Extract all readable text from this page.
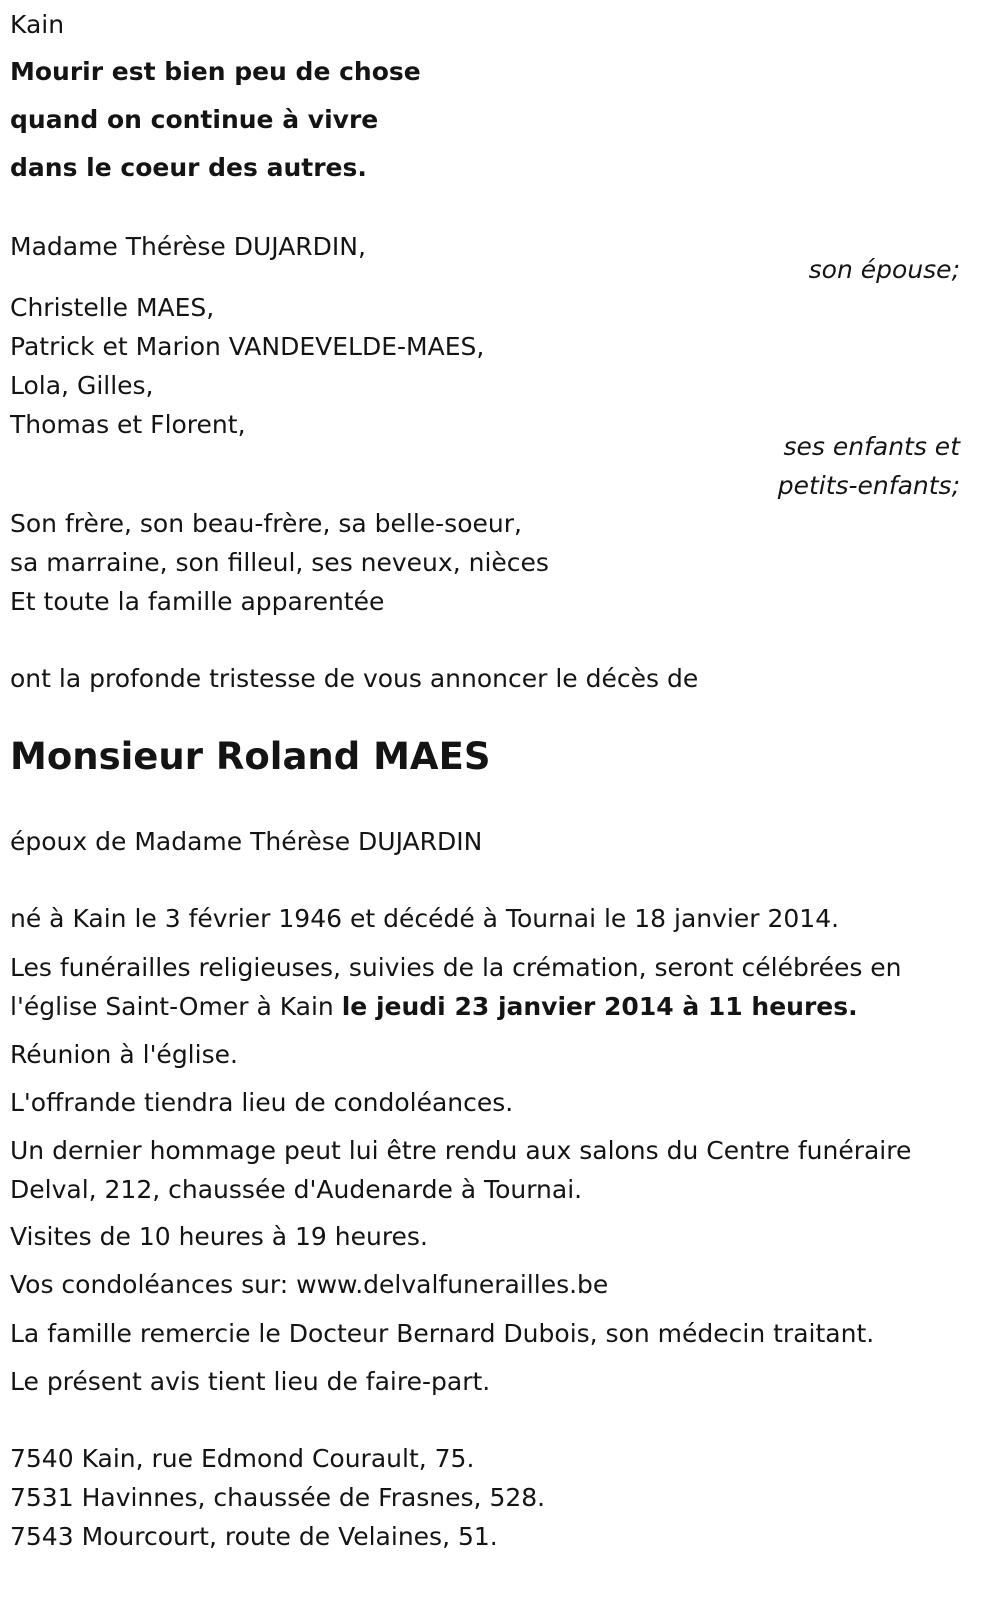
Kain
Mourir est bien peu de chose
quand on continue à vivre
dans le coeur des autres.
Madame Thérèse DUJARDIN,
son épouse;
Christelle MAES,
Patrick et Marion VANDEVELDE-MAES,
Lola, Gilles,
Thomas et Florent,
ses enfants et
petits-enfants;
Son frère, son beau-frère, sa belle-soeur,
sa marraine, son filleul, ses neveux, nièces
Et toute la famille apparentée
ont la profonde tristesse de vous annoncer le décès de
Monsieur Roland MAES
époux de Madame Thérèse DUJARDIN
né à Kain le 3 février 1946 et décédé à Tournai le 18 janvier 2014.
Les funérailles religieuses, suivies de la crémation, seront célébrées en
l'église Saint-Omer à Kain le jeudi 23 janvier 2014 à 11 heures.
Réunion à l'église.
L'offrande tiendra lieu de condoléances.
Un dernier hommage peut lui être rendu aux salons du Centre funéraire
Delval, 212, chaussée d'Audenarde à Tournai.
Visites de 10 heures à 19 heures.
Vos condoléances sur: www.delvalfunerailles.be
La famille remercie le Docteur Bernard Dubois, son médecin traitant.
Le présent avis tient lieu de faire-part.
7540 Kain, rue Edmond Courault, 75.
7531 Havinnes, chaussée de Frasnes, 528.
7543 Mourcourt, route de Velaines, 51.
